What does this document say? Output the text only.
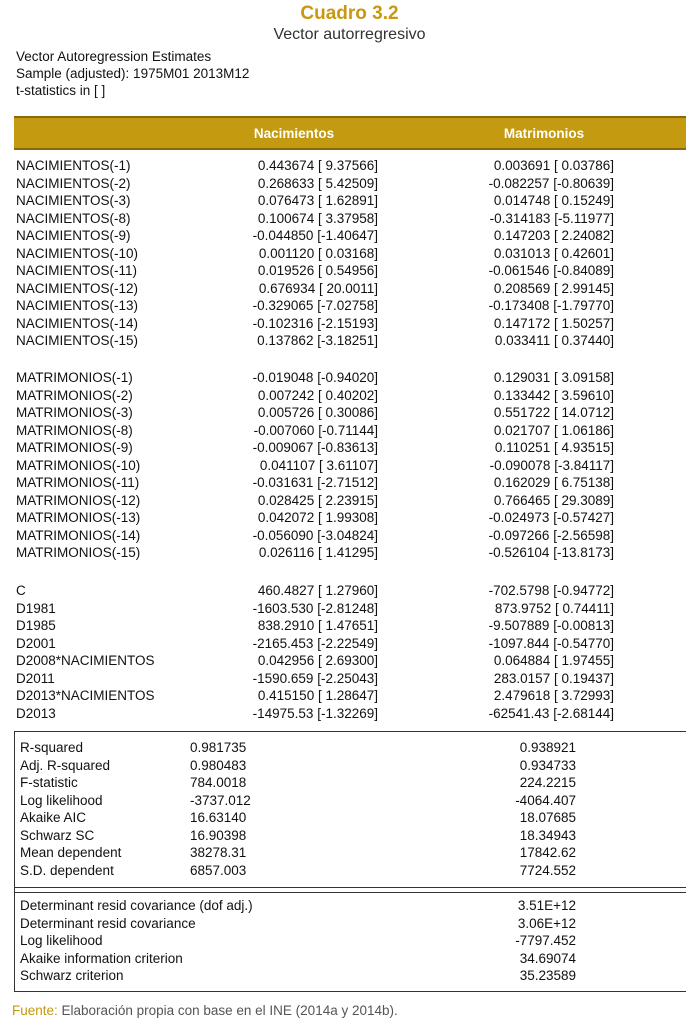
Cuadro 3.2
Vector autorregresivo
Vector Autoregression Estimates
Sample (adjusted): 1975M01 2013M12
t-statistics in [ ]
Nacimientos	Matrimonios
NACIMIENTOS(-1)	0.443674 [ 9.37566]	0.003691 [ 0.03786]
NACIMIENTOS(-2)	0.268633 [ 5.42509]	-0.082257 [-0.80639]
NACIMIENTOS(-3)	0.076473 [ 1.62891]	0.014748 [ 0.15249]
NACIMIENTOS(-8)	0.100674 [ 3.37958]	-0.314183 [-5.11977]
NACIMIENTOS(-9)	-0.044850 [-1.40647]	0.147203 [ 2.24082]
NACIMIENTOS(-10)	0.001120 [ 0.03168]	0.031013 [ 0.42601]
NACIMIENTOS(-11)	0.019526 [ 0.54956]	-0.061546 [-0.84089]
NACIMIENTOS(-12)	0.676934 [ 20.0011]	0.208569 [ 2.99145]
NACIMIENTOS(-13)	-0.329065 [-7.02758]	-0.173408 [-1.79770]
NACIMIENTOS(-14)	-0.102316 [-2.15193]	0.147172 [ 1.50257]
NACIMIENTOS(-15)	0.137862 [-3.18251]	0.033411 [ 0.37440]
MATRIMONIOS(-1)	-0.019048 [-0.94020]	0.129031 [ 3.09158]
MATRIMONIOS(-2)	0.007242 [ 0.40202]	0.133442 [ 3.59610]
MATRIMONIOS(-3)	0.005726 [ 0.30086]	0.551722 [ 14.0712]
MATRIMONIOS(-8)	-0.007060 [-0.71144]	0.021707 [ 1.06186]
MATRIMONIOS(-9)	-0.009067 [-0.83613]	0.110251 [ 4.93515]
MATRIMONIOS(-10)	0.041107 [ 3.61107]	-0.090078 [-3.84117]
MATRIMONIOS(-11)	-0.031631 [-2.71512]	0.162029 [ 6.75138]
MATRIMONIOS(-12)	0.028425 [ 2.23915]	0.766465 [ 29.3089]
MATRIMONIOS(-13)	0.042072 [ 1.99308]	-0.024973 [-0.57427]
MATRIMONIOS(-14)	-0.056090 [-3.04824]	-0.097266 [-2.56598]
MATRIMONIOS(-15)	0.026116 [ 1.41295]	-0.526104 [-13.8173]
C	460.4827 [ 1.27960]	-702.5798 [-0.94772]
D1981	-1603.530 [-2.81248]	873.9752 [ 0.74411]
D1985	838.2910 [ 1.47651]	-9.507889 [-0.00813]
D2001	-2165.453 [-2.22549]	-1097.844 [-0.54770]
D2008*NACIMIENTOS	0.042956 [ 2.69300]	0.064884 [ 1.97455]
D2011	-1590.659 [-2.25043]	283.0157 [ 0.19437]
D2013*NACIMIENTOS	0.415150 [ 1.28647]	2.479618 [ 3.72993]
D2013	-14975.53 [-1.32269]	-62541.43 [-2.68144]
R-squared	0.981735	0.938921
Adj. R-squared	0.980483	0.934733
F-statistic	784.0018	224.2215
Log likelihood	-3737.012	-4064.407
Akaike AIC	16.63140	18.07685
Schwarz SC	16.90398	18.34943
Mean dependent	38278.31	17842.62
S.D. dependent	6857.003	7724.552
Determinant resid covariance (dof adj.)	3.51E+12
Determinant resid covariance	3.06E+12
Log likelihood	-7797.452
Akaike information criterion	34.69074
Schwarz criterion	35.23589
Fuente: Elaboración propia con base en el INE (2014a y 2014b).
